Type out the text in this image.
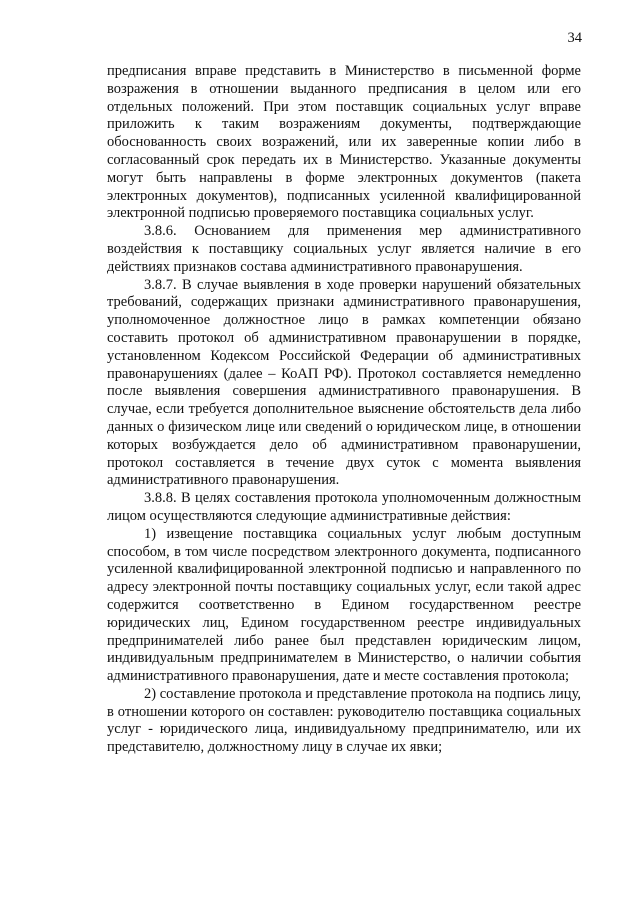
34

предписания вправе представить в Министерство в письменной форме возражения в отношении выданного предписания в целом или его отдельных положений. При этом поставщик социальных услуг вправе приложить к таким возражениям документы, подтверждающие обоснованность своих возражений, или их заверенные копии либо в согласованный срок передать их в Министерство. Указанные документы могут быть направлены в форме электронных документов (пакета электронных документов), подписанных усиленной квалифицированной электронной подписью проверяемого поставщика социальных услуг.

3.8.6. Основанием для применения мер административного воздействия к поставщику социальных услуг является наличие в его действиях признаков состава административного правонарушения.

3.8.7. В случае выявления в ходе проверки нарушений обязательных требований, содержащих признаки административного правонарушения, уполномоченное должностное лицо в рамках компетенции обязано составить протокол об административном правонарушении в порядке, установленном Кодексом Российской Федерации об административных правонарушениях (далее – КоАП РФ). Протокол составляется немедленно после выявления совершения административного правонарушения. В случае, если требуется дополнительное выяснение обстоятельств дела либо данных о физическом лице или сведений о юридическом лице, в отношении которых возбуждается дело об административном правонарушении, протокол составляется в течение двух суток с момента выявления административного правонарушения.

3.8.8. В целях составления протокола уполномоченным должностным лицом осуществляются следующие административные действия:

1) извещение поставщика социальных услуг любым доступным способом, в том числе посредством электронного документа, подписанного усиленной квалифицированной электронной подписью и направленного по адресу электронной почты поставщику социальных услуг, если такой адрес содержится соответственно в Едином государственном реестре юридических лиц, Едином государственном реестре индивидуальных предпринимателей либо ранее был представлен юридическим лицом, индивидуальным предпринимателем в Министерство, о наличии события административного правонарушения, дате и месте составления протокола;

2) составление протокола и представление протокола на подпись лицу, в отношении которого он составлен: руководителю поставщика социальных услуг - юридического лица, индивидуальному предпринимателю, или их представителю, должностному лицу в случае их явки;
